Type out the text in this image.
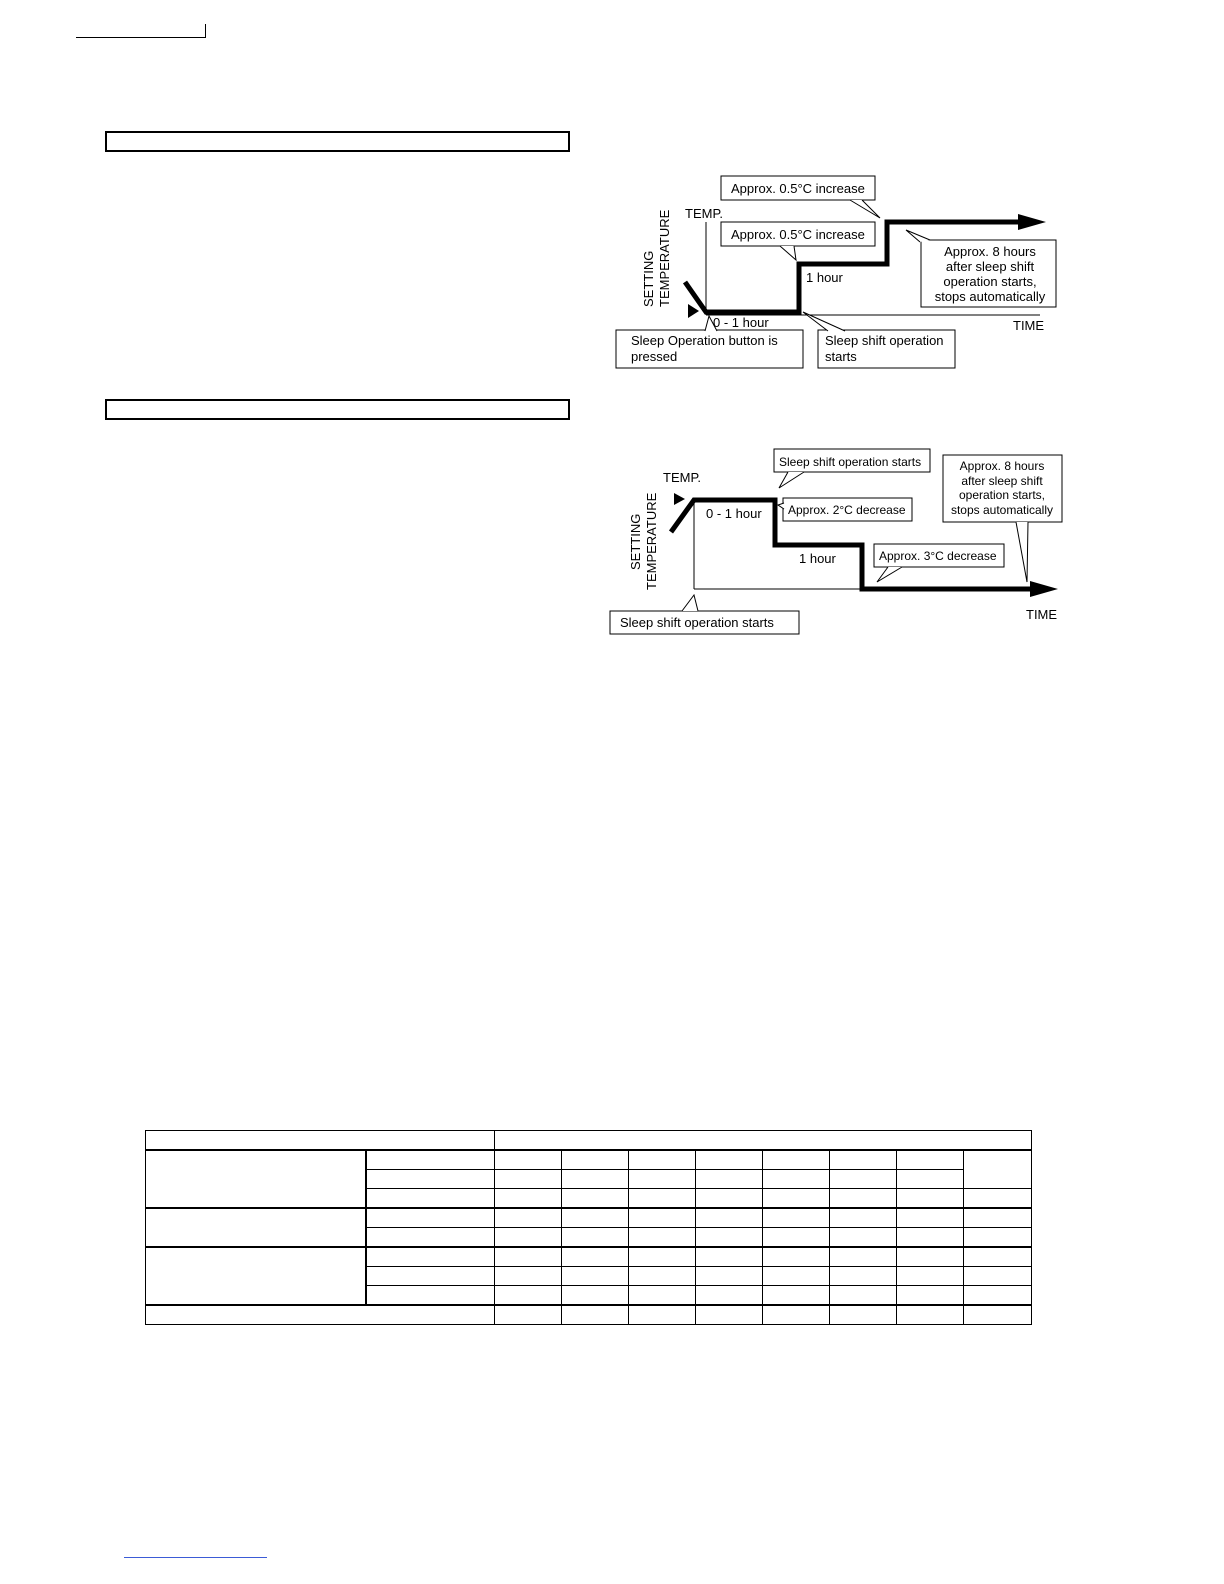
SETTING TEMPERATURE TEMP.
TIME
0 - 1 hour
1 hour
Approx. 0.5°C increase
Approx. 0.5°C increase
Approx. 8 hours
after sleep shift
operation starts,
stops automatically
Sleep Operation button is
pressed
Sleep shift operation
starts
SETTING TEMPERATURE
TEMP.
TIME
0 - 1 hour
1 hour
Sleep shift operation starts
Approx. 2°C decrease
Approx. 3°C decrease
Approx. 8 hours
after sleep shift
operation starts,
stops automatically
Sleep shift operation starts
